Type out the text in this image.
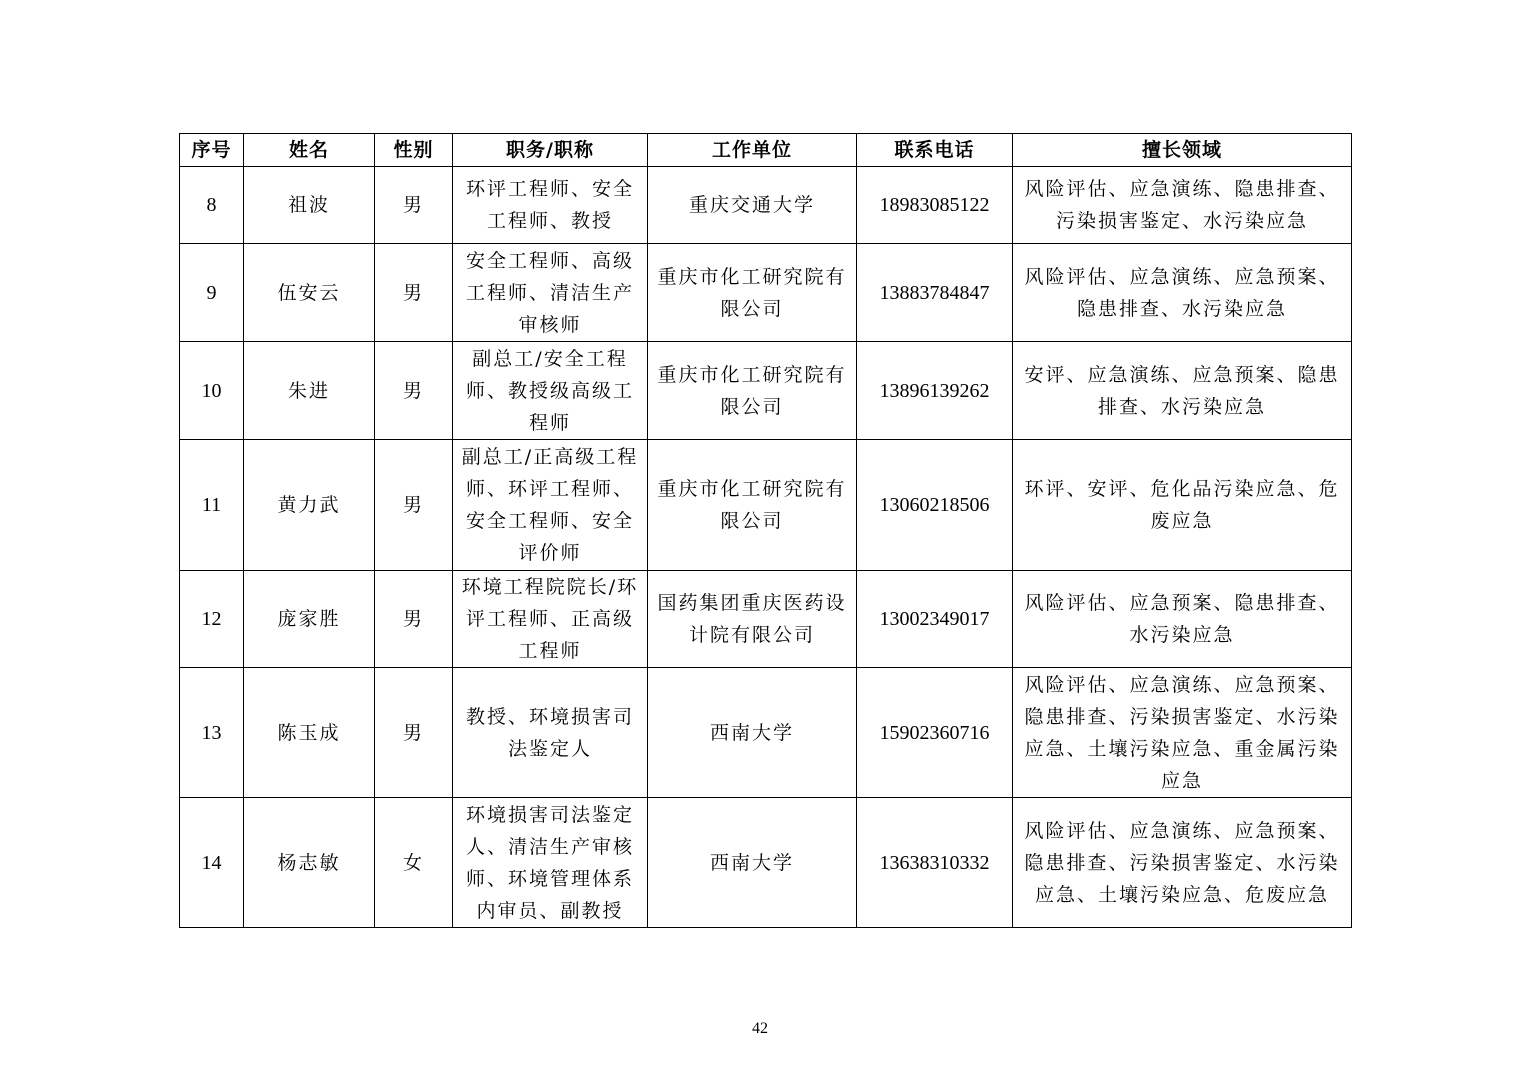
序号	姓名	性别	职务/职称	工作单位	联系电话	擅长领域
8	祖波	男	环评工程师、安全工程师、教授	重庆交通大学	18983085122	风险评估、应急演练、隐患排查、污染损害鉴定、水污染应急
9	伍安云	男	安全工程师、高级工程师、清洁生产审核师	重庆市化工研究院有限公司	13883784847	风险评估、应急演练、应急预案、隐患排查、水污染应急
10	朱进	男	副总工/安全工程师、教授级高级工程师	重庆市化工研究院有限公司	13896139262	安评、应急演练、应急预案、隐患排查、水污染应急
11	黄力武	男	副总工/正高级工程师、环评工程师、安全工程师、安全评价师	重庆市化工研究院有限公司	13060218506	环评、安评、危化品污染应急、危废应急
12	庞家胜	男	环境工程院院长/环评工程师、正高级工程师	国药集团重庆医药设计院有限公司	13002349017	风险评估、应急预案、隐患排查、水污染应急
13	陈玉成	男	教授、环境损害司法鉴定人	西南大学	15902360716	风险评估、应急演练、应急预案、隐患排查、污染损害鉴定、水污染应急、土壤污染应急、重金属污染应急
14	杨志敏	女	环境损害司法鉴定人、清洁生产审核师、环境管理体系内审员、副教授	西南大学	13638310332	风险评估、应急演练、应急预案、隐患排查、污染损害鉴定、水污染应急、土壤污染应急、危废应急
42
